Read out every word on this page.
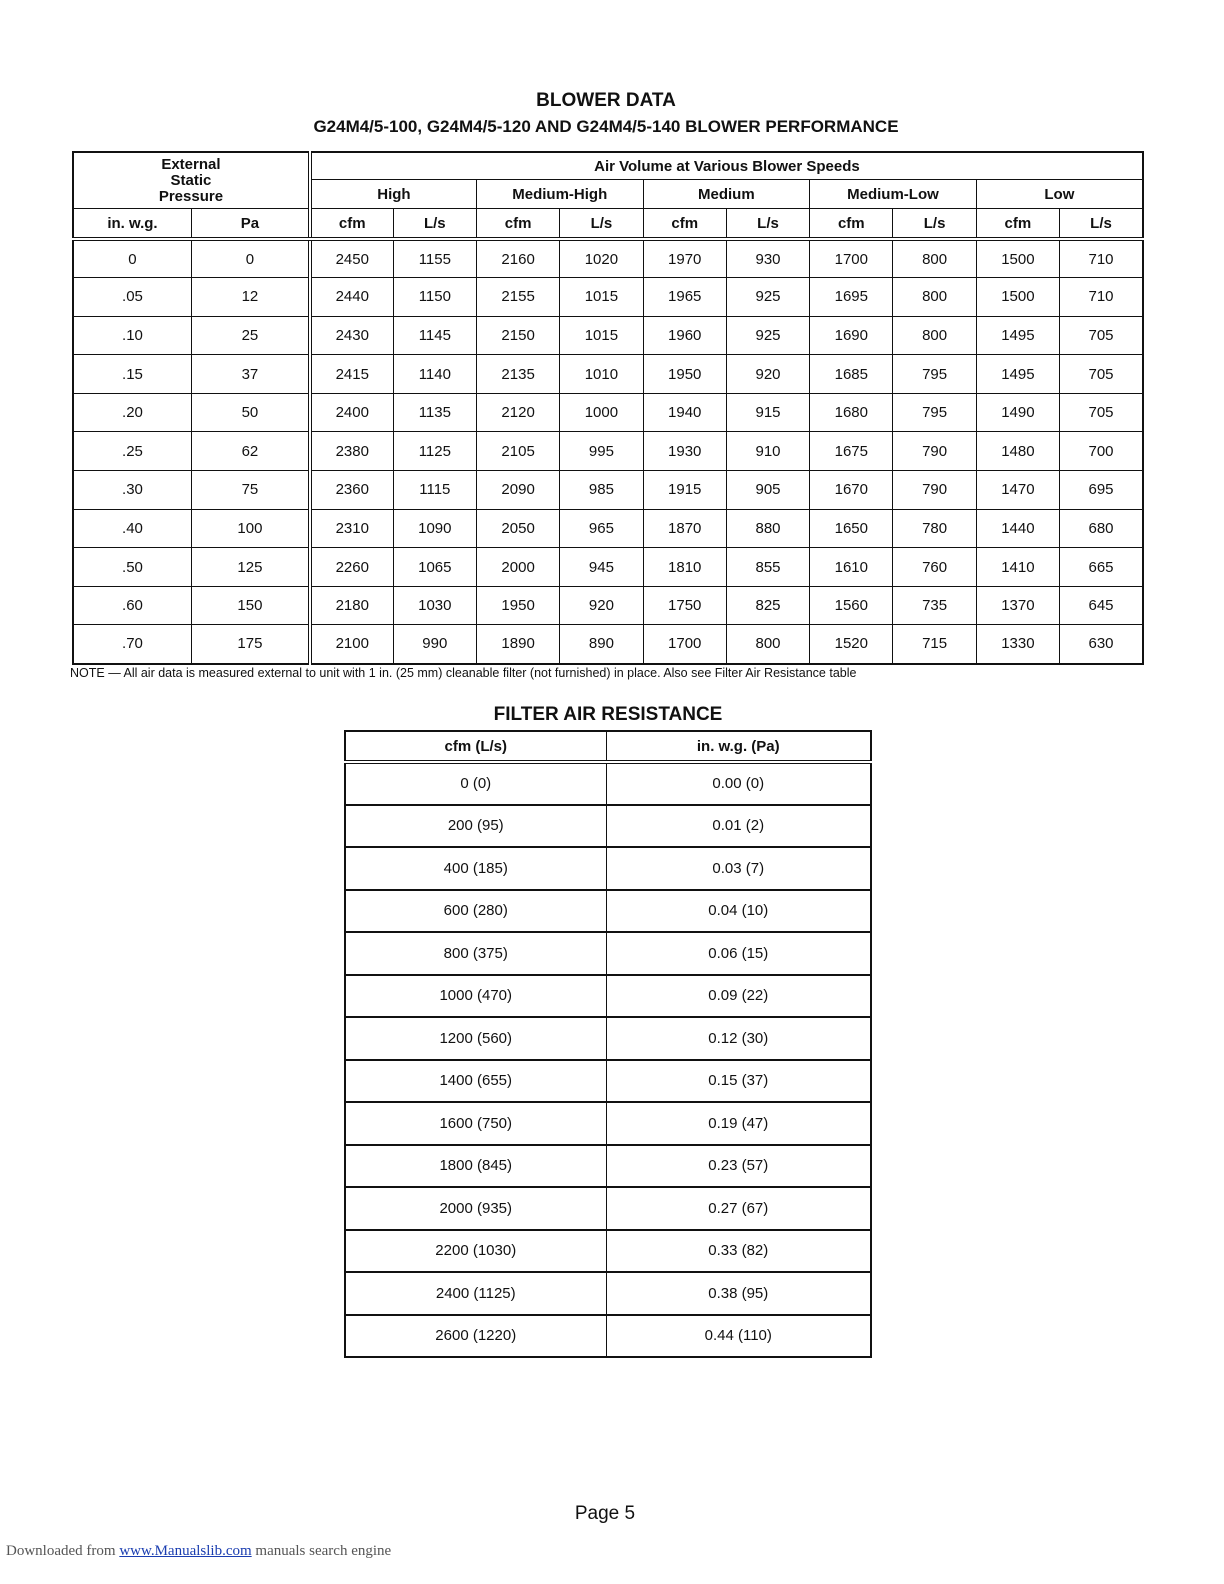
BLOWER DATA
G24M4/5-100, G24M4/5-120 AND G24M4/5-140 BLOWER PERFORMANCE
External Static Pressure		Air Volume at Various Blower Speeds									
		High		Medium-High		Medium		Medium-Low		Low	
in. w.g.	Pa	cfm	L/s	cfm	L/s	cfm	L/s	cfm	L/s	cfm	L/s
0	0	2450	1155	2160	1020	1970	930	1700	800	1500	710
.05	12	2440	1150	2155	1015	1965	925	1695	800	1500	710
.10	25	2430	1145	2150	1015	1960	925	1690	800	1495	705
.15	37	2415	1140	2135	1010	1950	920	1685	795	1495	705
.20	50	2400	1135	2120	1000	1940	915	1680	795	1490	705
.25	62	2380	1125	2105	995	1930	910	1675	790	1480	700
.30	75	2360	1115	2090	985	1915	905	1670	790	1470	695
.40	100	2310	1090	2050	965	1870	880	1650	780	1440	680
.50	125	2260	1065	2000	945	1810	855	1610	760	1410	665
.60	150	2180	1030	1950	920	1750	825	1560	735	1370	645
.70	175	2100	990	1890	890	1700	800	1520	715	1330	630
NOTE — All air data is measured external to unit with 1 in. (25 mm) cleanable filter (not furnished) in place. Also see Filter Air Resistance table
FILTER AIR RESISTANCE
cfm (L/s)	in. w.g. (Pa)
0 (0)	0.00 (0)
200 (95)	0.01 (2)
400 (185)	0.03 (7)
600 (280)	0.04 (10)
800 (375)	0.06 (15)
1000 (470)	0.09 (22)
1200 (560)	0.12 (30)
1400 (655)	0.15 (37)
1600 (750)	0.19 (47)
1800 (845)	0.23 (57)
2000 (935)	0.27 (67)
2200 (1030)	0.33 (82)
2400 (1125)	0.38 (95)
2600 (1220)	0.44 (110)
Page 5
Downloaded from www.Manualslib.com manuals search engine
